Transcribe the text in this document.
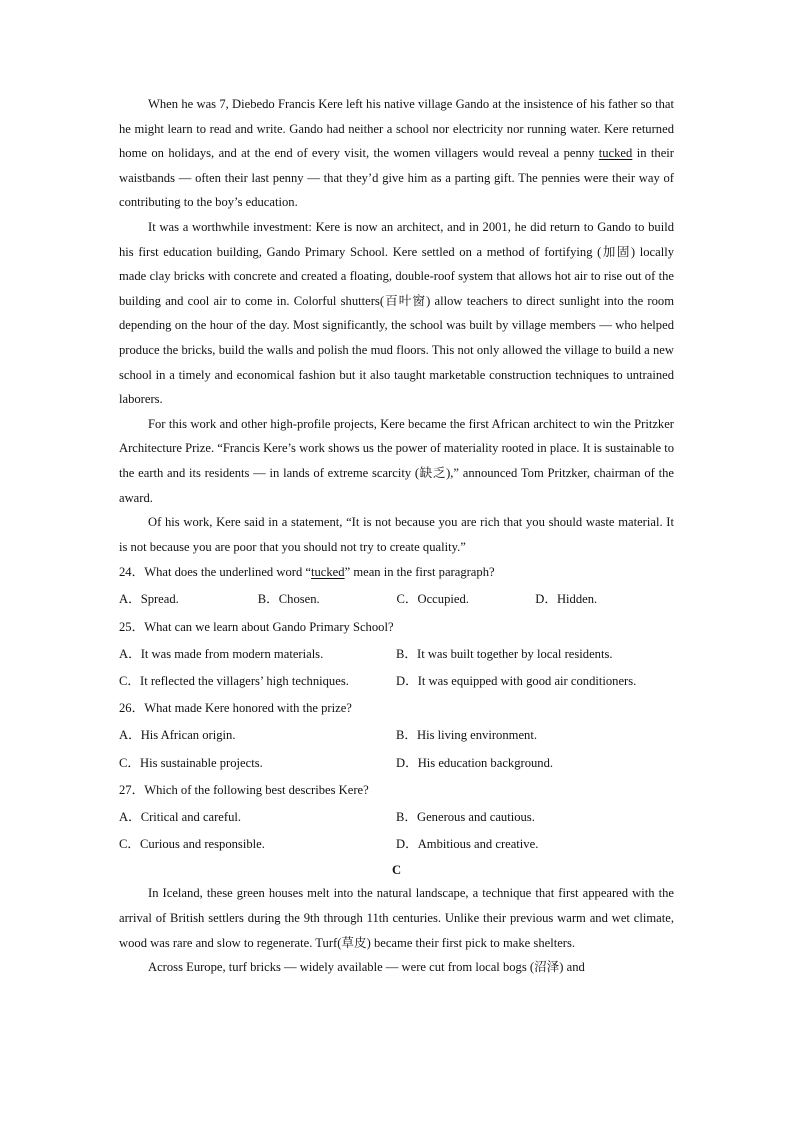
When he was 7, Diebedo Francis Kere left his native village Gando at the insistence of his father so that he might learn to read and write. Gando had neither a school nor electricity nor running water. Kere returned home on holidays, and at the end of every visit, the women villagers would reveal a penny tucked in their waistbands — often their last penny — that they’d give him as a parting gift. The pennies were their way of contributing to the boy’s education.

It was a worthwhile investment: Kere is now an architect, and in 2001, he did return to Gando to build his first education building, Gando Primary School. Kere settled on a method of fortifying (加固) locally made clay bricks with concrete and created a floating, double-roof system that allows hot air to rise out of the building and cool air to come in. Colorful shutters(百叶窗) allow teachers to direct sunlight into the room depending on the hour of the day. Most significantly, the school was built by village members — who helped produce the bricks, build the walls and polish the mud floors. This not only allowed the village to build a new school in a timely and economical fashion but it also taught marketable construction techniques to untrained laborers.

For this work and other high-profile projects, Kere became the first African architect to win the Pritzker Architecture Prize. “Francis Kere’s work shows us the power of materiality rooted in place. It is sustainable to the earth and its residents — in lands of extreme scarcity (缺乏),” announced Tom Pritzker, chairman of the award.

Of his work, Kere said in a statement, “It is not because you are rich that you should waste material. It is not because you are poor that you should not try to create quality.”

24．What does the underlined word “tucked” mean in the first paragraph?
A．Spread.	B．Chosen.	C．Occupied.	D．Hidden.
25．What can we learn about Gando Primary School?
A．It was made from modern materials.	B．It was built together by local residents.
C．It reflected the villagers’ high techniques.	D．It was equipped with good air conditioners.
26．What made Kere honored with the prize?
A．His African origin.	B．His living environment.
C．His sustainable projects.	D．His education background.
27．Which of the following best describes Kere?
A．Critical and careful.	B．Generous and cautious.
C．Curious and responsible.	D．Ambitious and creative.
C

In Iceland, these green houses melt into the natural landscape, a technique that first appeared with the arrival of British settlers during the 9th through 11th centuries. Unlike their previous warm and wet climate, wood was rare and slow to regenerate. Turf(草皮) became their first pick to make shelters.

Across Europe, turf bricks — widely available — were cut from local bogs (沼泽) and
